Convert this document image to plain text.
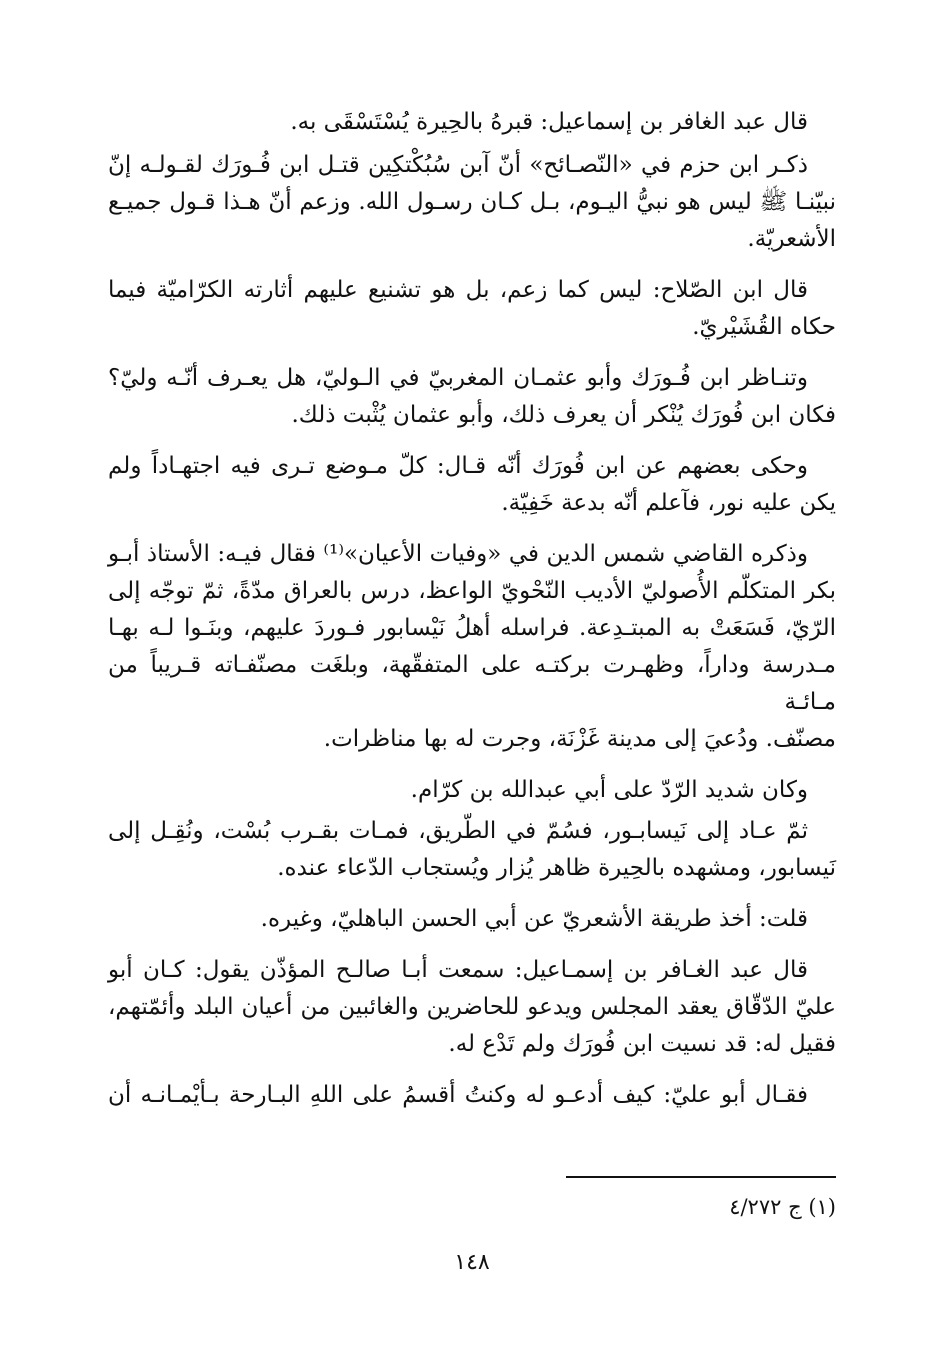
قال عبد الغافر بن إسماعيل: قبرهُ بالحِيرة يُسْتَسْقَى به.
ذكـر ابن حزم في «النّصـائح» أنّ آبن سُبُكْتكِين قتـل ابن فُـورَك لقـولـه إنّ
نبيّنـا ﷺ ليس هو نبيُّ اليـوم، بـل كـان رسـول الله. وزعم أنّ هـذا قـول جميـع
الأشعريّة.
قال ابن الصّلاح: ليس كما زعم، بل هو تشنيع عليهم أثارته الكرّاميّة فيما
حكاه القُشَيْريّ.
وتنـاظر ابن فُـورَك وأبو عثمـان المغربيّ في الـوليّ، هل يعـرف أنّـه وليّ؟
فكان ابن فُورَك يُنْكر أن يعرف ذلك، وأبو عثمان يُثْبت ذلك.
وحكى بعضهم عن ابن فُورَك أنّه قـال: كلّ مـوضع تـرى فيه اجتهـاداً ولم
يكن عليه نور، فآعلم أنّه بدعة خَفِيّة.
وذكره القاضي شمس الدين في «وفيات الأعيان»⁽¹⁾ فقال فيـه: الأستاذ أبـو
بكر المتكلّم الأُصوليّ الأديب النّحْويّ الواعظ، درس بالعراق مدّةً، ثمّ توجّه إلى
الرّيّ، فَسَعَتْ به المبتـدِعة. فراسله أهلُ نَيْسابور فـوردَ عليهم، وبنَـوا لـه بهـا
مـدرسة وداراً، وظهـرت بركتـه على المتفقّهة، وبلغَت مصنّفـاته قـريباً من مـائـة
مصنّف. ودُعيَ إلى مدينة غَزْنَة، وجرت له بها مناظرات.
وكان شديد الرّدّ على أبي عبدالله بن كرّام.
ثمّ عـاد إلى نَيسابـور، فسُمّ في الطّريق، فمـات بقـرب بُسْت، ونُقِـل إلى
نَيسابور، ومشهده بالحِيرة ظاهر يُزار ويُستجاب الدّعاء عنده.
قلت: أخذ طريقة الأشعريّ عن أبي الحسن الباهليّ، وغيره.
قال عبد الغـافر بن إسمـاعيل: سمعت أبـا صالـح المؤذّن يقول: كـان أبو
عليّ الدّقّاق يعقد المجلس ويدعو للحاضرين والغائبين من أعيان البلد وأئمّتهم،
فقيل له: قد نسيت ابن فُورَك ولم تَدْع له.
فقـال أبو عليّ: كيف أدعـو له وكنتُ أقسمُ على اللهِ البـارحة بـأيْمـانـه أن
(١) ج ٤/٢٧٢
١٤٨
